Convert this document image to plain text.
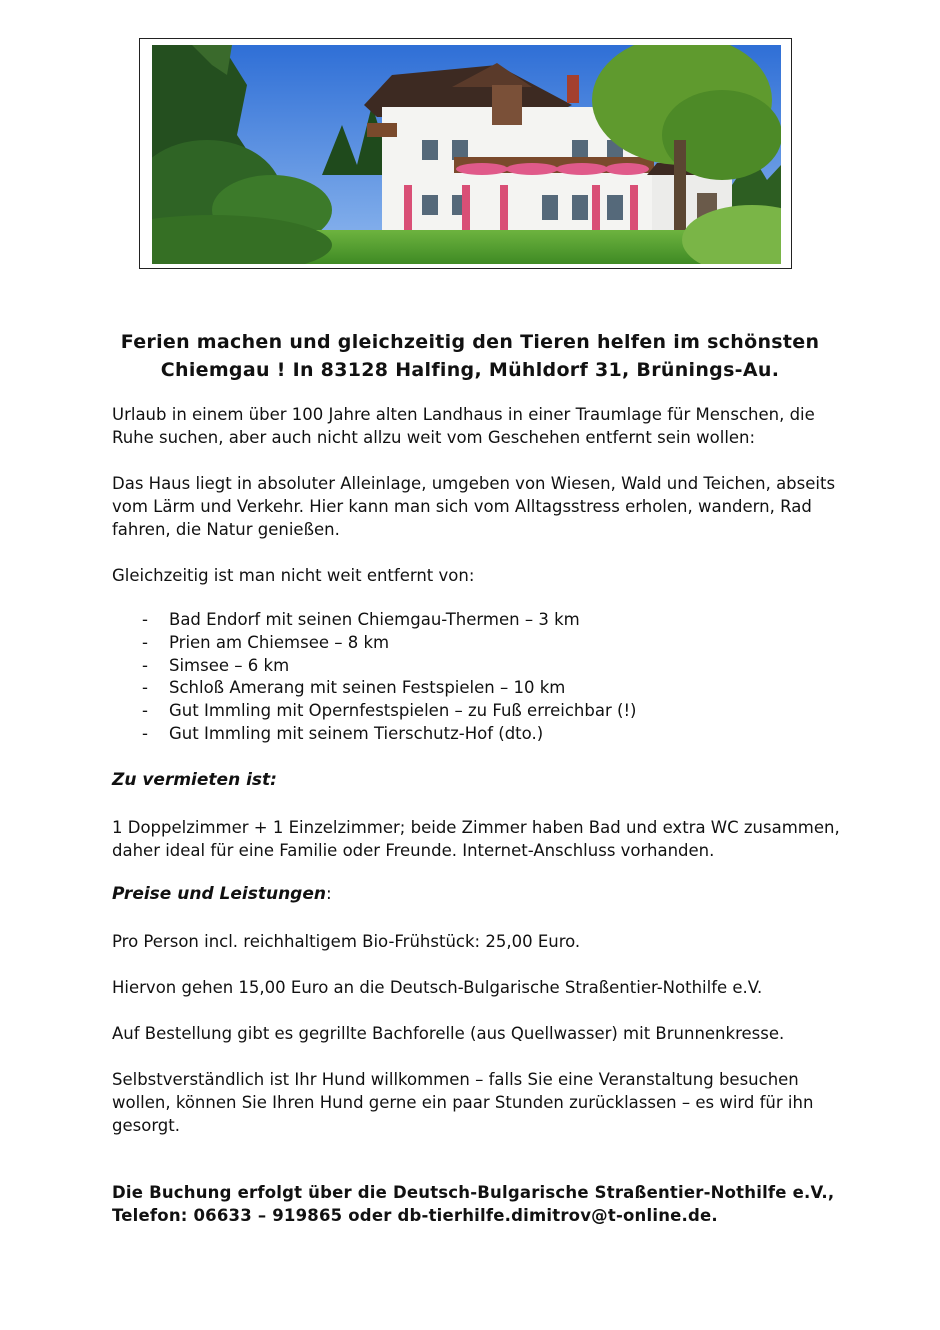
Ferien machen und gleichzeitig den Tieren helfen im schönsten
Chiemgau ! In 83128 Halfing, Mühldorf 31, Brünings-Au.

Urlaub in einem über 100 Jahre alten Landhaus in einer Traumlage für Menschen, die Ruhe suchen, aber auch nicht allzu weit vom Geschehen entfernt sein wollen:

Das Haus liegt in absoluter Alleinlage, umgeben von Wiesen, Wald und Teichen, abseits vom Lärm und Verkehr. Hier kann man sich vom Alltagsstress erholen, wandern, Rad fahren, die Natur genießen.

Gleichzeitig ist man nicht weit entfernt von:

- Bad Endorf mit seinen Chiemgau-Thermen – 3 km
- Prien am Chiemsee – 8 km
- Simsee – 6 km
- Schloß Amerang mit seinen Festspielen – 10 km
- Gut Immling mit Opernfestspielen – zu Fuß erreichbar (!)
- Gut Immling mit seinem Tierschutz-Hof (dto.)

Zu vermieten ist:

1 Doppelzimmer + 1 Einzelzimmer; beide Zimmer haben Bad und extra WC zusammen, daher ideal für eine Familie oder Freunde. Internet-Anschluss vorhanden.

Preise und Leistungen:

Pro Person incl. reichhaltigem Bio-Frühstück: 25,00 Euro.

Hiervon gehen 15,00 Euro an die Deutsch-Bulgarische Straßentier-Nothilfe e.V.

Auf Bestellung gibt es gegrillte Bachforelle (aus Quellwasser) mit Brunnenkresse.

Selbstverständlich ist Ihr Hund willkommen – falls Sie eine Veranstaltung besuchen wollen, können Sie Ihren Hund gerne ein paar Stunden zurücklassen – es wird für ihn gesorgt.

Die Buchung erfolgt über die Deutsch-Bulgarische Straßentier-Nothilfe e.V., Telefon: 06633 – 919865 oder db-tierhilfe.dimitrov@t-online.de.
